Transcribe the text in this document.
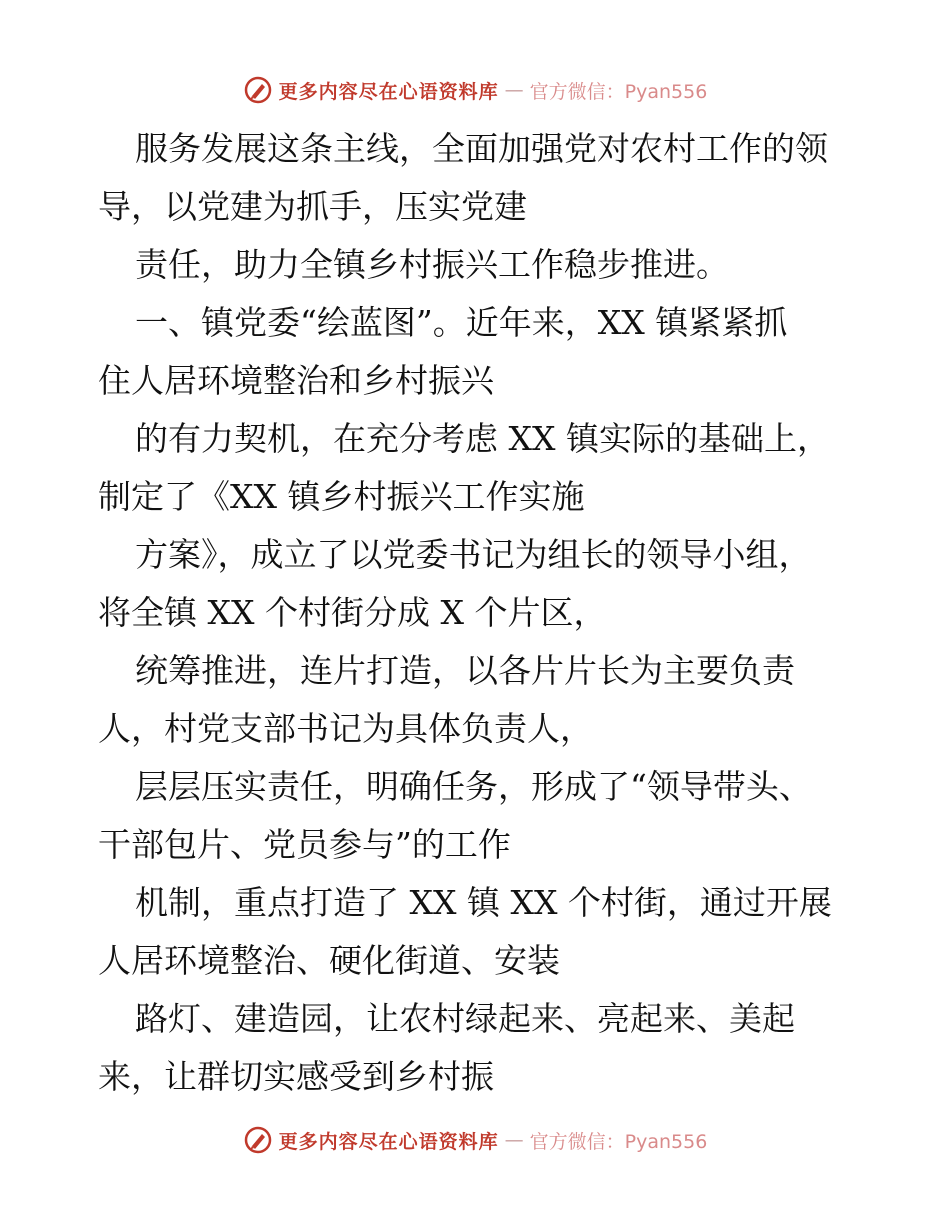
更多内容尽在心语资料库 — 官方微信：Pyan556
服务发展这条主线，全面加强党对农村工作的领
导，以党建为抓手，压实党建
责任，助力全镇乡村振兴工作稳步推进。
一、镇党委“绘蓝图”。近年来，XX 镇紧紧抓
住人居环境整治和乡村振兴
的有力契机，在充分考虑 XX 镇实际的基础上，
制定了《XX 镇乡村振兴工作实施
方案》，成立了以党委书记为组长的领导小组，
将全镇 XX 个村街分成 X 个片区，
统筹推进，连片打造，以各片片长为主要负责
人，村党支部书记为具体负责人，
层层压实责任，明确任务，形成了“领导带头、
干部包片、党员参与”的工作
机制，重点打造了 XX 镇 XX 个村街，通过开展
人居环境整治、硬化街道、安装
路灯、建造园，让农村绿起来、亮起来、美起
来，让群切实感受到乡村振
更多内容尽在心语资料库 — 官方微信：Pyan556
